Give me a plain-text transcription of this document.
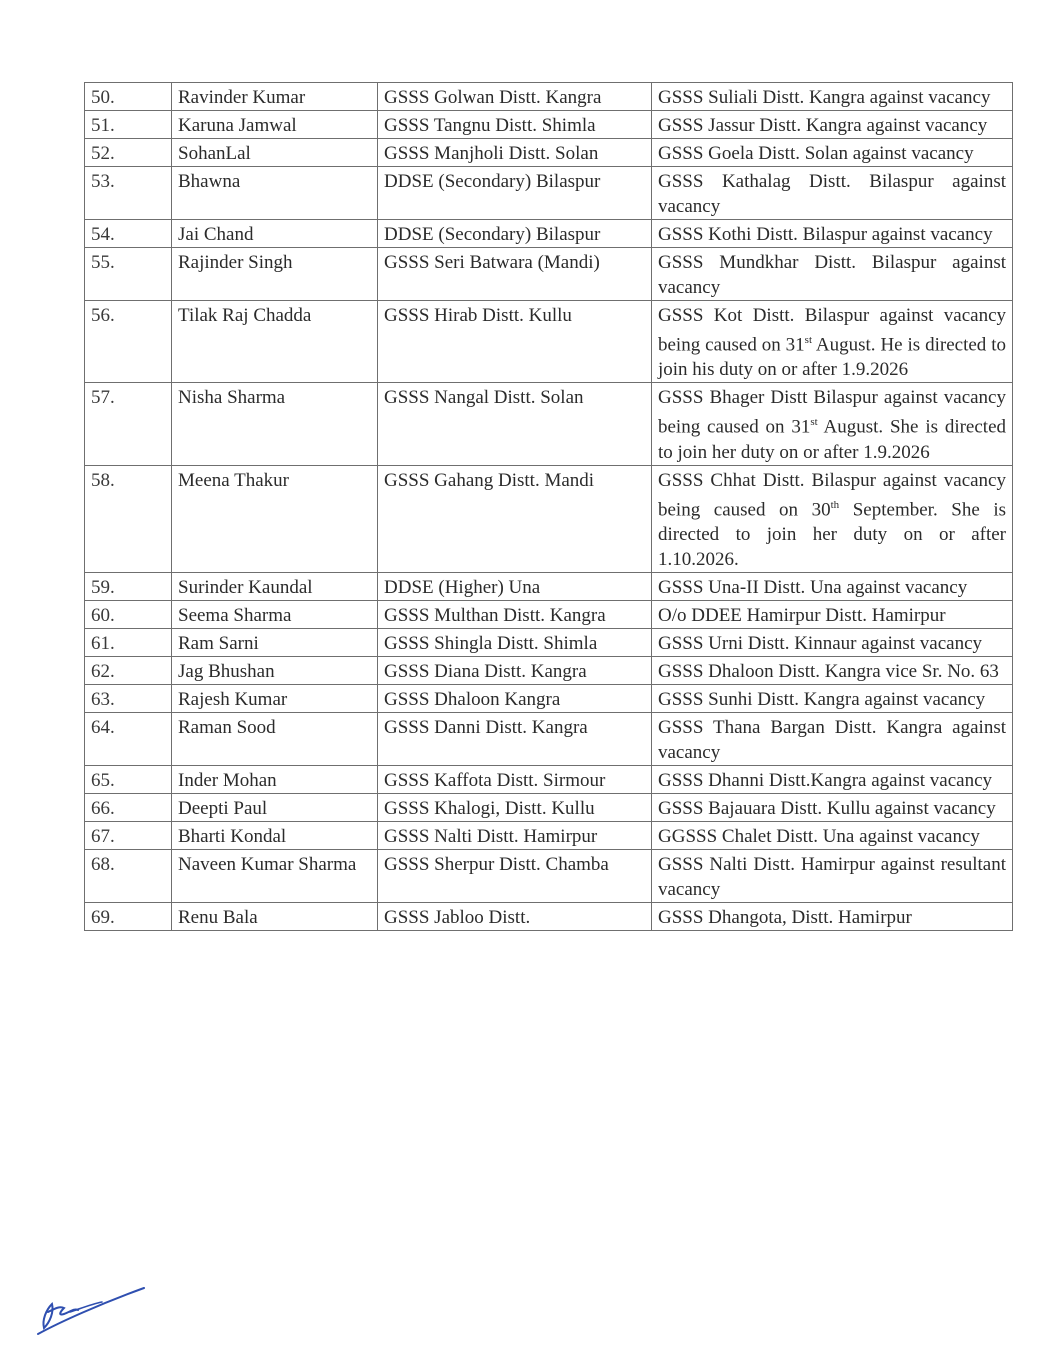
50.	Ravinder Kumar	GSSS Golwan Distt. Kangra	GSSS Suliali Distt. Kangra against vacancy
51.	Karuna Jamwal	GSSS Tangnu Distt. Shimla	GSSS Jassur Distt. Kangra against vacancy
52.	SohanLal	GSSS Manjholi Distt. Solan	GSSS Goela Distt. Solan against vacancy
53.	Bhawna	DDSE (Secondary) Bilaspur	GSSS Kathalag Distt. Bilaspur against vacancy
54.	Jai Chand	DDSE (Secondary) Bilaspur	GSSS Kothi Distt. Bilaspur against vacancy
55.	Rajinder Singh	GSSS Seri Batwara (Mandi)	GSSS Mundkhar Distt. Bilaspur against vacancy
56.	Tilak Raj Chadda	GSSS Hirab Distt. Kullu	GSSS Kot Distt. Bilaspur against vacancy being caused on 31st August. He is directed to join his duty on or after 1.9.2026
57.	Nisha Sharma	GSSS Nangal Distt. Solan	GSSS Bhager Distt Bilaspur against vacancy being caused on 31st August. She is directed to join her duty on or after 1.9.2026
58.	Meena Thakur	GSSS Gahang Distt. Mandi	GSSS Chhat Distt. Bilaspur against vacancy being caused on 30th September. She is directed to join her duty on or after 1.10.2026.
59.	Surinder Kaundal	DDSE (Higher) Una	GSSS Una-II Distt. Una against vacancy
60.	Seema Sharma	GSSS Multhan Distt. Kangra	O/o DDEE Hamirpur Distt. Hamirpur
61.	Ram Sarni	GSSS Shingla Distt. Shimla	GSSS Urni Distt. Kinnaur against vacancy
62.	Jag Bhushan	GSSS Diana Distt. Kangra	GSSS Dhaloon Distt. Kangra vice Sr. No. 63
63.	Rajesh Kumar	GSSS Dhaloon Kangra	GSSS Sunhi Distt. Kangra against vacancy
64.	Raman Sood	GSSS Danni Distt. Kangra	GSSS Thana Bargan Distt. Kangra against vacancy
65.	Inder Mohan	GSSS Kaffota Distt. Sirmour	GSSS Dhanni Distt.Kangra against vacancy
66.	Deepti Paul	GSSS Khalogi, Distt. Kullu	GSSS Bajauara Distt. Kullu against vacancy
67.	Bharti Kondal	GSSS Nalti Distt. Hamirpur	GGSSS Chalet Distt. Una against vacancy
68.	Naveen Kumar Sharma	GSSS Sherpur Distt. Chamba	GSSS Nalti Distt. Hamirpur against resultant vacancy
69.	Renu Bala	GSSS Jabloo Distt.	GSSS Dhangota, Distt. Hamirpur
